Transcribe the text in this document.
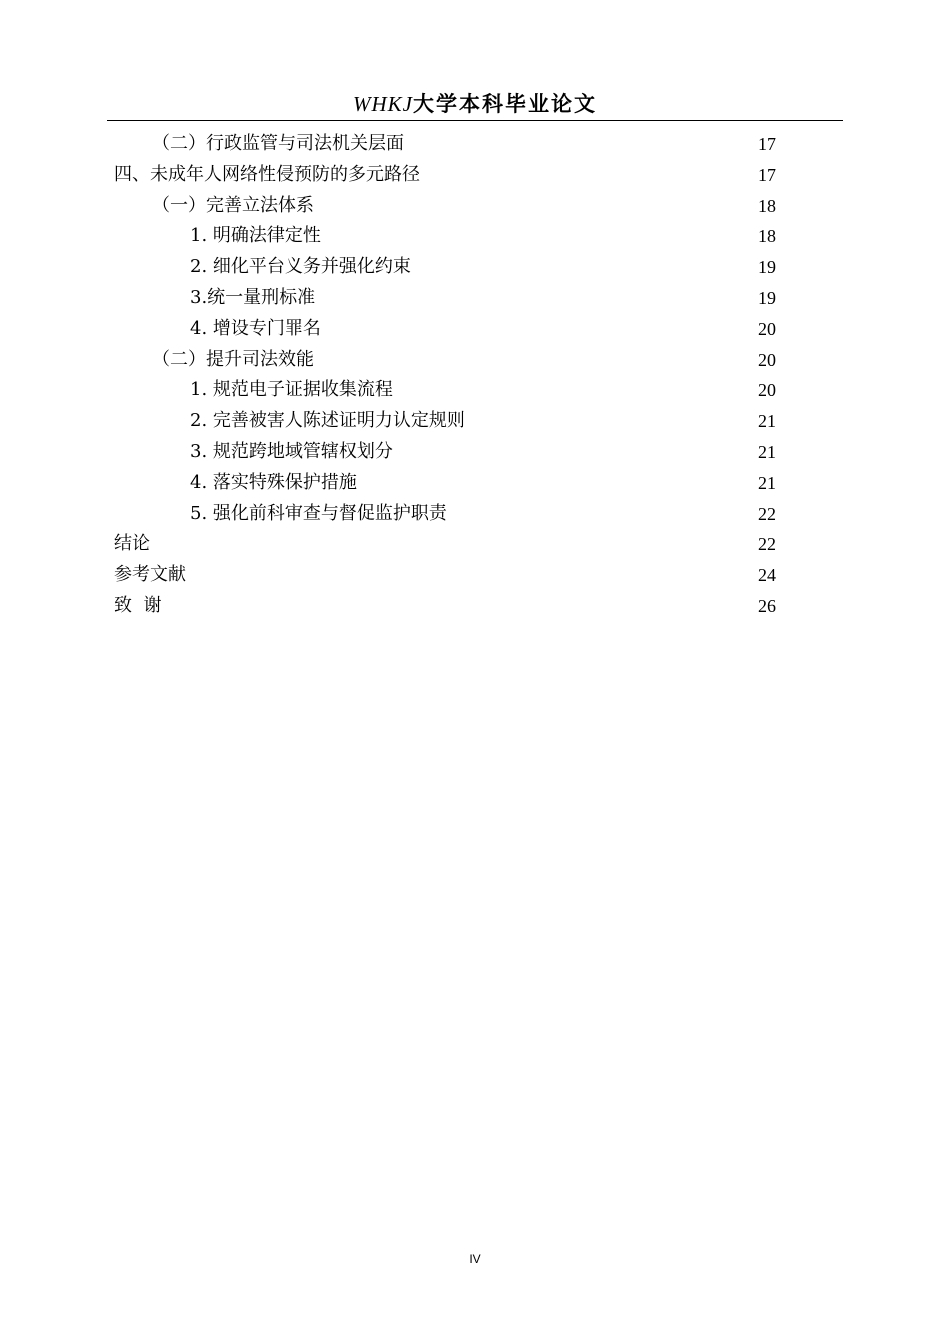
WHKJ大学本科毕业论文
（二）行政监管与司法机关层面	17
四、未成年人网络性侵预防的多元路径	17
（一）完善立法体系	18
1. 明确法律定性	18
2. 细化平台义务并强化约束	19
3.统一量刑标准	19
4. 增设专门罪名	20
（二）提升司法效能	20
1. 规范电子证据收集流程	20
2. 完善被害人陈述证明力认定规则	21
3. 规范跨地域管辖权划分	21
4. 落实特殊保护措施	21
5. 强化前科审查与督促监护职责	22
结论	22
参考文献	24
致  谢	26
IV
